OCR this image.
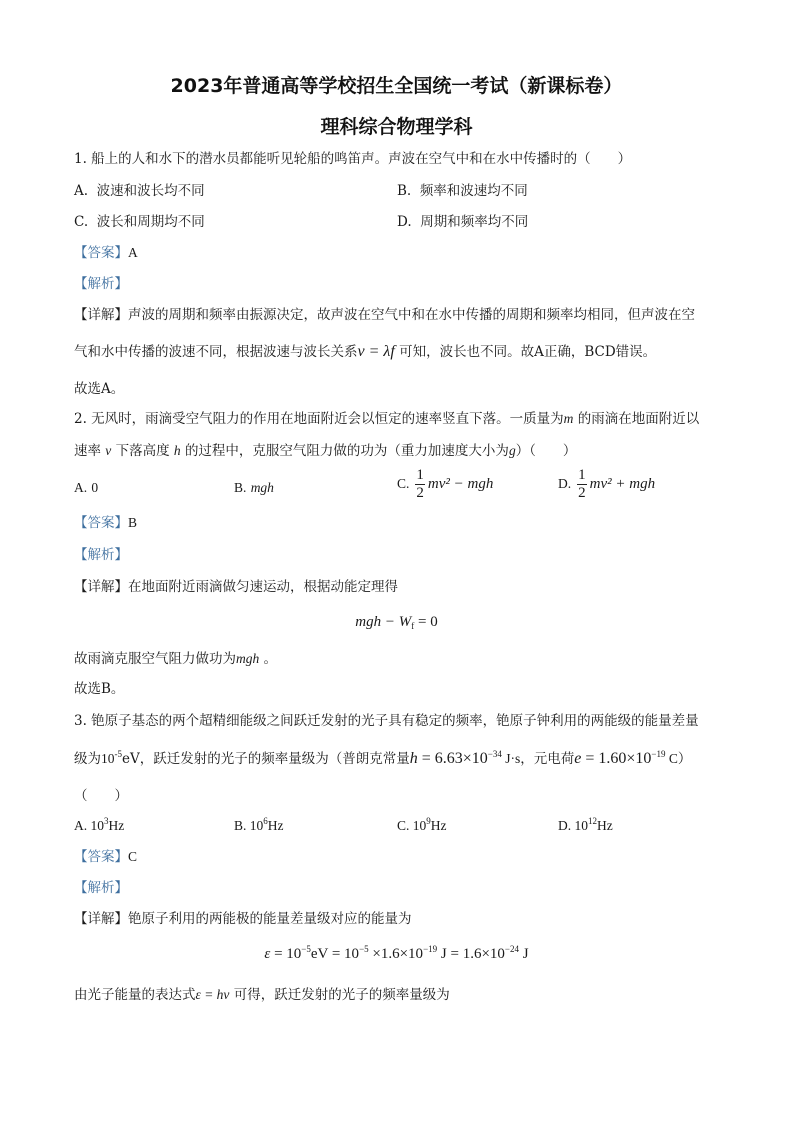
2023年普通高等学校招生全国统一考试（新课标卷）
理科综合物理学科
1. 船上的人和水下的潜水员都能听见轮船的鸣笛声。声波在空气中和在水中传播时的（　　）
A. 波速和波长均不同	B. 频率和波速均不同
C. 波长和周期均不同	D. 周期和频率均不同
【答案】A
【解析】
【详解】声波的周期和频率由振源决定，故声波在空气中和在水中传播的周期和频率均相同，但声波在空
气和水中传播的波速不同，根据波速与波长关系v = λf 可知，波长也不同。故A正确，BCD错误。
故选A。
2. 无风时，雨滴受空气阻力的作用在地面附近会以恒定的速率竖直下落。一质量为m 的雨滴在地面附近以
速率 v 下落高度 h 的过程中，克服空气阻力做的功为（重力加速度大小为g）（　　）
A. 0	B. mgh	C. $\frac{1}{2} mv^2$ − mgh	D. $\frac{1}{2} mv^2$ + mgh
【答案】B
【解析】
【详解】在地面附近雨滴做匀速运动，根据动能定理得
mgh − $W_f = 0$
故雨滴克服空气阻力做功为mgh 。
故选B。
3. 铯原子基态的两个超精细能级之间跃迁发射的光子具有稳定的频率，铯原子钟利用的两能级的能量差量
级为$10^{-5}eV$，跃迁发射的光子的频率量级为（普朗克常量$h = 6.63\times 10^{-34}$ J·s，元电荷$e = 1.60\times 10^{-19}$ C）
（　　）
A. $10^3Hz$	B. $10^6Hz$	C. $10^9Hz$	D. $10^{12}Hz$
【答案】C
【解析】
【详解】铯原子利用的两能极的能量差量级对应的能量为
$\varepsilon = 10^{-5}eV = 10^{-5} \times 1.6\times 10^{-19}$ $J = 1.6\times 10^{-24}$ J
由光子能量的表达式ε = hν 可得，跃迁发射的光子的频率量级为
